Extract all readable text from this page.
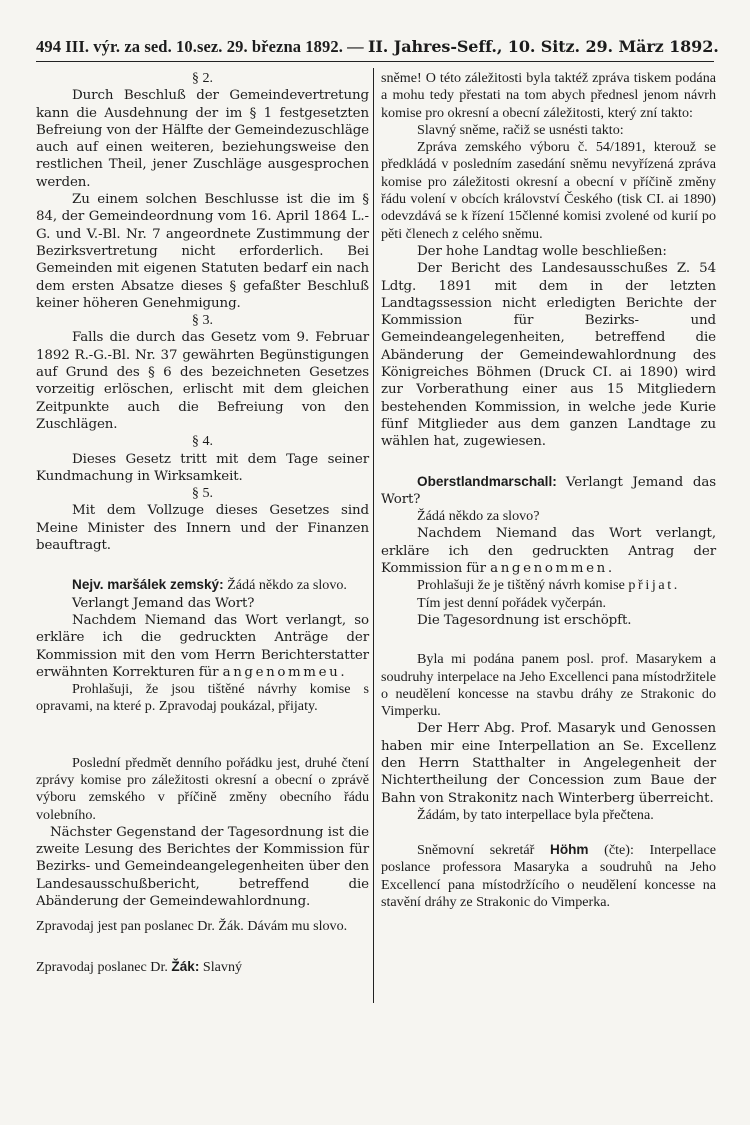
494 III. výr. za sed. 10.sez. 29. března 1892. — II. Jahres-Seff., 10. Sitz. 29. März 1892.

§ 2.

Durch Beschluß der Gemeindevertretung kann die Ausdehnung der im § 1 festgesetzten Befreiung von der Hälfte der Gemeindezuschläge auch auf einen weiteren, beziehungsweise den restlichen Theil, jener Zuschläge ausgesprochen werden.

Zu einem solchen Beschlusse ist die im § 84, der Gemeindeordnung vom 16. April 1864 L.-G. und V.-Bl. Nr. 7 angeordnete Zustimmung der Bezirksvertretung nicht erforderlich. Bei Gemeinden mit eigenen Statuten bedarf ein nach dem ersten Absatze dieses § gefaßter Beschluß keiner höheren Genehmigung.

§ 3.

Falls die durch das Gesetz vom 9. Februar 1892 R.-G.-Bl. Nr. 37 gewährten Begünstigungen auf Grund des § 6 des bezeichneten Gesetzes vorzeitig erlöschen, erlischt mit dem gleichen Zeitpunkte auch die Befreiung von den Zuschlägen.

§ 4.

Dieses Gesetz tritt mit dem Tage seiner Kundmachung in Wirksamkeit.

§ 5.

Mit dem Vollzuge dieses Gesetzes sind Meine Minister des Innern und der Finanzen beauftragt.

Nejv. maršálek zemský: Žádá někdo za slovo.

Verlangt Jemand das Wort?

Nachdem Niemand das Wort verlangt, so erkläre ich die gedruckten Anträge der Kommission mit den vom Herrn Berichterstatter erwähnten Korrekturen für angenommeu.

Prohlašuji, že jsou tištěné návrhy komise s opravami, na které p. Zpravodaj poukázal, přijaty.

Poslední předmět denního pořádku jest, druhé čtení zprávy komise pro záležitosti okresní a obecní o zprávě výboru zemského v příčině změny obecního řádu volebního.

Nächster Gegenstand der Tagesordnung ist die zweite Lesung des Berichtes der Kommission für Bezirks- und Gemeindeangelegenheiten über den Landesausschußbericht, betreffend die Abänderung der Gemeindewahlordnung.

Zpravodaj jest pan poslanec Dr. Žák. Dávám mu slovo.

Zpravodaj poslanec Dr. Žák: Slavný

sněme! O této záležitosti byla taktéž zpráva tiskem podána a mohu tedy přestati na tom abych přednesl jenom návrh komise pro okresní a obecní záležitosti, který zní takto:

Slavný sněme, račiž se usnésti takto:

Zpráva zemského výboru č. 54/1891, kterouž se předkládá v posledním zasedání sněmu nevyřízená zpráva komise pro záležitosti okresní a obecní v příčině změny řádu volení v obcích království Českého (tisk CI. ai 1890) odevzdává se k řízení 15členné komisi zvolené od kurií po pěti členech z celého sněmu.

Der hohe Landtag wolle beschließen:

Der Bericht des Landesausschußes Z. 54 Ldtg. 1891 mit dem in der letzten Landtagssession nicht erledigten Berichte der Kommission für Bezirks- und Gemeindeangelegenheiten, betreffend die Abänderung der Gemeindewahlordnung des Königreiches Böhmen (Druck CI. ai 1890) wird zur Vorberathung einer aus 15 Mitgliedern bestehenden Kommission, in welche jede Kurie fünf Mitglieder aus dem ganzen Landtage zu wählen hat, zugewiesen.

Oberstlandmarschall: Verlangt Jemand das Wort?

Žádá někdo za slovo?

Nachdem Niemand das Wort verlangt, erkläre ich den gedruckten Antrag der Kommission für angenommen.

Prohlašuji že je tištěný návrh komise přijat.

Tím jest denní pořádek vyčerpán.

Die Tagesordnung ist erschöpft.

Byla mi podána panem posl. prof. Masarykem a soudruhy interpelace na Jeho Excellenci pana místodržitele o neudělení koncesse na stavbu dráhy ze Strakonic do Vimperku.

Der Herr Abg. Prof. Masaryk und Genossen haben mir eine Interpellation an Se. Excellenz den Herrn Statthalter in Angelegenheit der Nichtertheilung der Concession zum Baue der Bahn von Strakonitz nach Winterberg überreicht.

Žádám, by tato interpellace byla přečtena.

Sněmovní sekretář Höhm (čte): Interpellace poslance professora Masaryka a soudruhů na Jeho Excellencí pana místodržícího o neudělení koncesse na stavění dráhy ze Strakonic do Vimperka.
